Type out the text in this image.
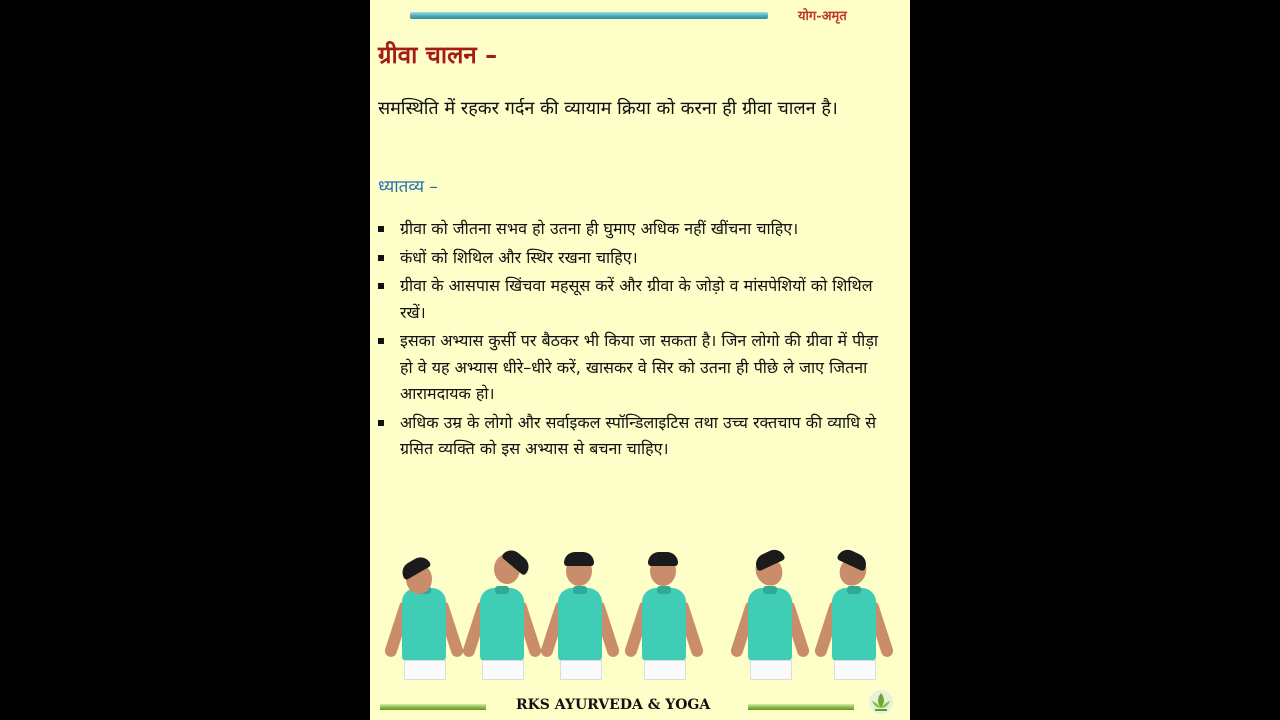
योग-अमृत
ग्रीवा चालन –
समस्थिति में रहकर गर्दन की व्यायाम क्रिया को करना ही ग्रीवा चालन है।
ध्यातव्य –
ग्रीवा को जीतना सभव हो उतना ही घुमाए अधिक नहीं खींचना चाहिए।
कंधों को शिथिल और स्थिर रखना चाहिए।
ग्रीवा के आसपास खिंचवा महसूस करें और ग्रीवा के जोड़ो व मांसपेशियों को शिथिल रखें।
इसका अभ्यास कुर्सी पर बैठकर भी किया जा सकता है। जिन लोगो की ग्रीवा में पीड़ा हो वे यह अभ्यास धीरे–धीरे करें, खासकर वे सिर को उतना ही पीछे ले जाए जितना आरामदायक हो।
अधिक उम्र के लोगो और सर्वाइकल स्पॉन्डिलाइटिस तथा उच्च रक्तचाप की व्याधि से ग्रसित व्यक्ति को इस अभ्यास से बचना चाहिए।
RKS AYURVEDA & YOGA
